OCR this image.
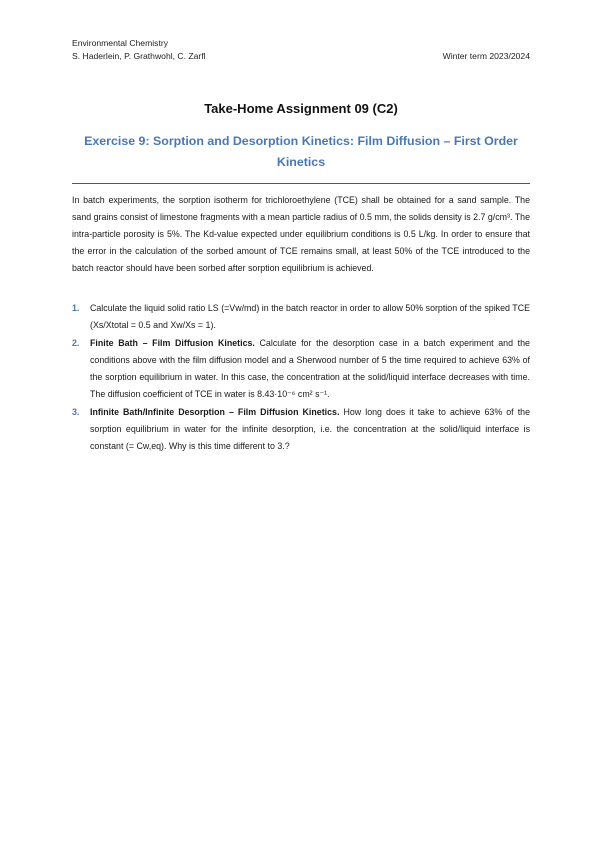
Environmental Chemistry
S. Haderlein, P. Grathwohl, C. Zarfl	Winter term 2023/2024
Take-Home Assignment 09 (C2)
Exercise 9: Sorption and Desorption Kinetics: Film Diffusion – First Order Kinetics

In batch experiments, the sorption isotherm for trichloroethylene (TCE) shall be obtained for a sand sample. The sand grains consist of limestone fragments with a mean particle radius of 0.5 mm, the solids density is 2.7 g/cm³. The intra-particle porosity is 5%. The Kd-value expected under equilibrium conditions is 0.5 L/kg. In order to ensure that the error in the calculation of the sorbed amount of TCE remains small, at least 50% of the TCE introduced to the batch reactor should have been sorbed after sorption equilibrium is achieved.

1. Calculate the liquid solid ratio LS (=Vw/md) in the batch reactor in order to allow 50% sorption of the spiked TCE (Xs/Xtotal = 0.5 and Xw/Xs = 1).
2. Finite Bath – Film Diffusion Kinetics. Calculate for the desorption case in a batch experiment and the conditions above with the film diffusion model and a Sherwood number of 5 the time required to achieve 63% of the sorption equilibrium in water. In this case, the concentration at the solid/liquid interface decreases with time. The diffusion coefficient of TCE in water is 8.43·10⁻⁶ cm² s⁻¹.
3. Infinite Bath/Infinite Desorption – Film Diffusion Kinetics. How long does it take to achieve 63% of the sorption equilibrium in water for the infinite desorption, i.e. the concentration at the solid/liquid interface is constant (= Cw,eq). Why is this time different to 3.?
